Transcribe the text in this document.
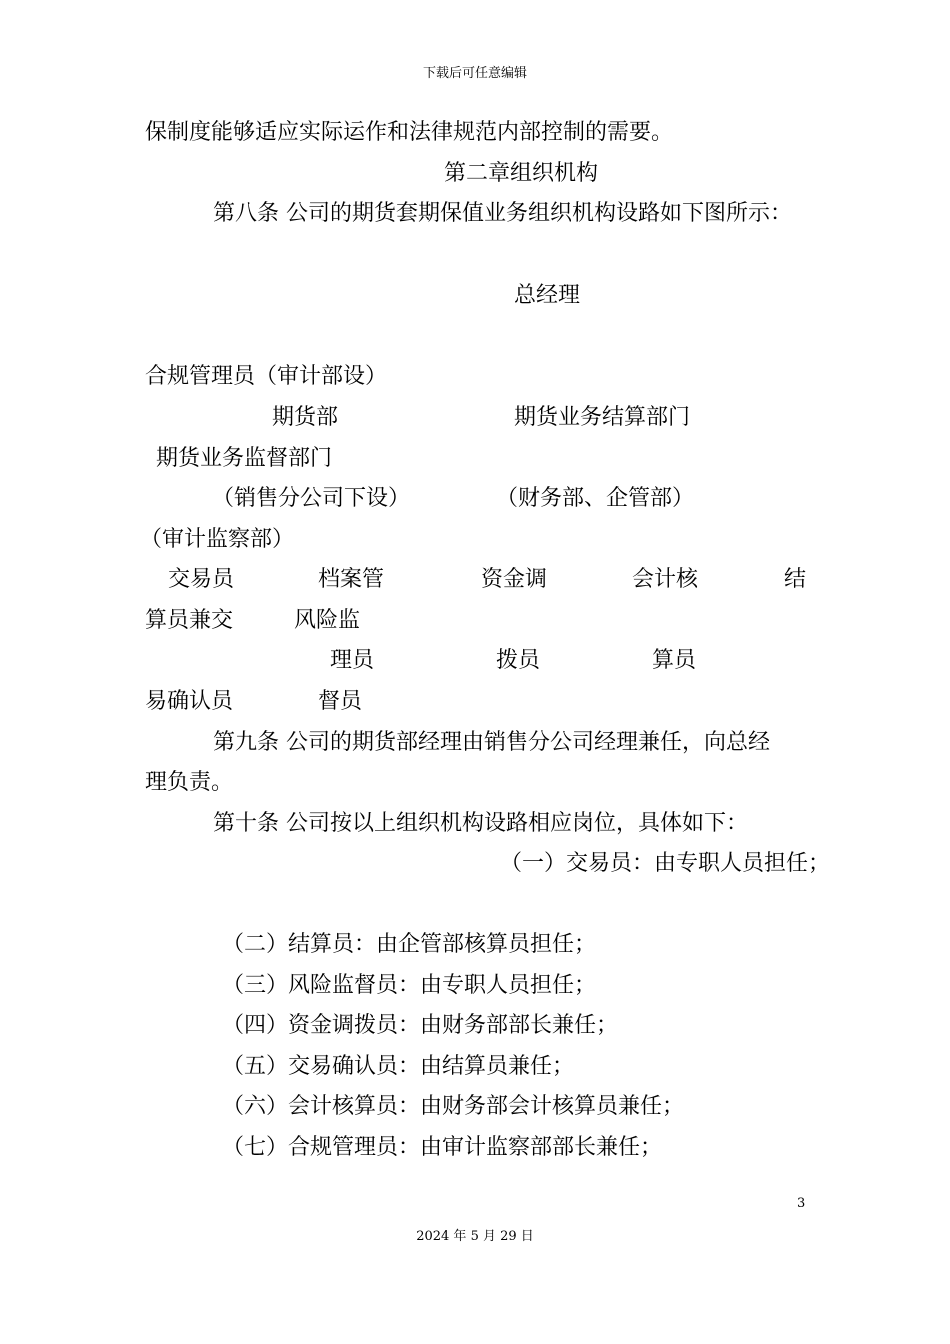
下载后可任意编辑
保制度能够适应实际运作和法律规范内部控制的需要。
第二章组织机构
第八条 公司的期货套期保值业务组织机构设路如下图所示：
总经理
合规管理员（审计部设）
期货部	期货业务结算部门
期货业务监督部门
（销售分公司下设）	（财务部、企管部）
（审计监察部）
交易员	档案管	资金调	会计核	结
算员兼交	风险监
理员	拨员	算员
易确认员	督员
第九条 公司的期货部经理由销售分公司经理兼任，向总经
理负责。
第十条 公司按以上组织机构设路相应岗位，具体如下：
（一）交易员：由专职人员担任；
（二）结算员：由企管部核算员担任；
（三）风险监督员：由专职人员担任；
（四）资金调拨员：由财务部部长兼任；
（五）交易确认员：由结算员兼任；
（六）会计核算员：由财务部会计核算员兼任；
（七）合规管理员：由审计监察部部长兼任；
3
2024 年 5 月 29 日
